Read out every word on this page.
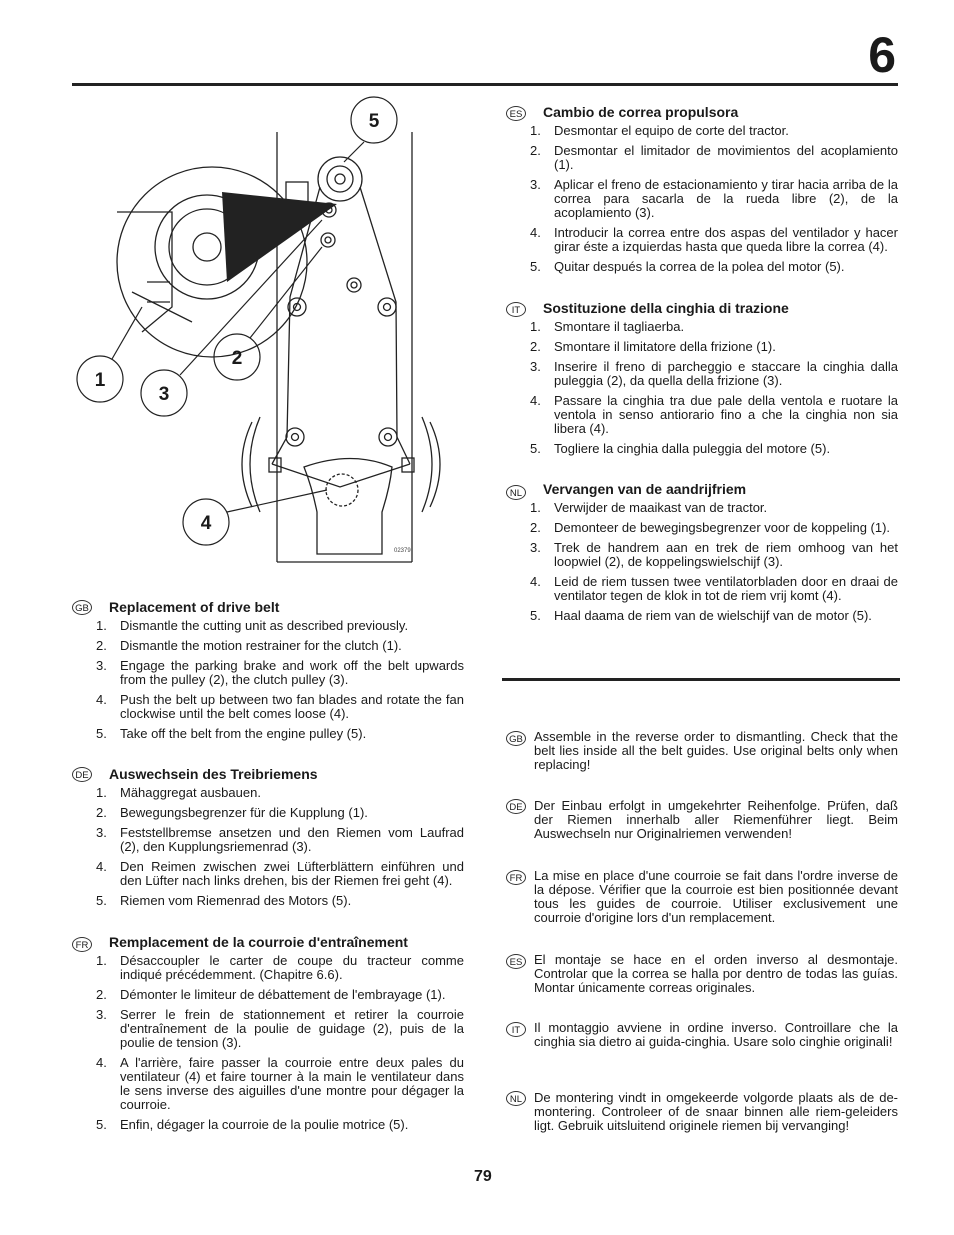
6
5
1
2
3
4
02379
GB Replacement of drive belt
1. Dismantle the cutting unit as described previously.
2. Dismantle the motion restrainer for the clutch (1).
3. Engage the parking brake and work off the belt upwards from the pulley (2), the clutch pulley (3).
4. Push the belt up between two fan blades and rotate the fan clockwise until the belt comes loose (4).
5. Take off the belt from the engine pulley (5).
DE Auswechsein des Treibriemens
1. Mähaggregat ausbauen.
2. Bewegungsbegrenzer für die Kupplung (1).
3. Feststellbremse ansetzen und den Riemen vom Laufrad (2), den Kupplungsriemenrad (3).
4. Den Reimen zwischen zwei Lüfterblättern einführen und den Lüfter nach links drehen, bis der Riemen frei geht (4).
5. Riemen vom Riemenrad des Motors (5).
FR Remplacement de la courroie d'entraînement
1. Désaccoupler le carter de coupe du tracteur comme indiqué précédemment. (Chapitre 6.6).
2. Démonter le limiteur de débattement de l'embrayage (1).
3. Serrer le frein de stationnement et retirer la courroie d'entraînement de la poulie de guidage (2), puis de la poulie de tension (3).
4. A l'arrière, faire passer la courroie entre deux pales du ventilateur (4) et faire tourner à la main le ventilateur dans le sens inverse des aiguilles d'une montre pour dégager la courroie.
5. Enfin, dégager la courroie de la poulie motrice (5).
ES Cambio de correa propulsora
1. Desmontar el equipo de corte del tractor.
2. Desmontar el limitador de movimientos del acoplamiento (1).
3. Aplicar el freno de estacionamiento y tirar hacia arriba de la correa para sacarla de la rueda libre (2), de la acoplamiento (3).
4. Introducir la correa entre dos aspas del ventilador y hacer girar éste a izquierdas hasta que queda libre la correa (4).
5. Quitar después la correa de la polea del motor (5).
IT	Sostituzione della cinghia di trazione
1. Smontare il tagliaerba.
2. Smontare il limitatore della frizione (1).
3. Inserire il freno di parcheggio e staccare la cinghia dalla puleggia (2), da quella della frizione (3).
4. Passare la cinghia tra due pale della ventola e ruotare la ventola in senso antiorario fino a che la cinghia non sia libera (4).
5. Togliere la cinghia dalla puleggia del motore (5).
NL Vervangen van de aandrijfriem
1. Verwijder de maaikast van de tractor.
2. Demonteer de bewegingsbegrenzer voor de koppeling (1).
3. Trek de handrem aan en trek de riem omhoog van het loopwiel (2), de koppelingswielschijf (3).
4. Leid de riem tussen twee ventilatorbladen door en draai de ventilator tegen de klok in tot de riem vrij komt (4).
5. Haal daama de riem van de wielschijf van de motor (5).
GB Assemble in the reverse order to dismantling. Check that the belt lies inside all the belt guides. Use original belts only when replacing!
DE Der Einbau erfolgt in umgekehrter Reihenfolge. Prüfen, daß der Riemen innerhalb aller Riemenführer liegt. Beim Auswechseln nur Originalriemen verwenden!
FR La mise en place d'une courroie se fait dans l'ordre inverse de la dépose. Vérifier que la courroie est bien positionnée devant tous les guides de courroie. Utiliser exclusivement une courroie d'origine lors d'un remplacement.
ES El montaje se hace en el orden inverso al desmontaje. Controlar que la correa se halla por dentro de todas las guías. Montar únicamente correas originales.
IT	Il montaggio avviene in ordine inverso. Controillare che la cinghia sia dietro ai guida-cinghia. Usare solo cinghie originali!
NL De montering vindt in omgekeerde volgorde plaats als de de-montering. Controleer of de snaar binnen alle riem-geleiders ligt. Gebruik uitsluitend originele riemen bij vervanging!
79
